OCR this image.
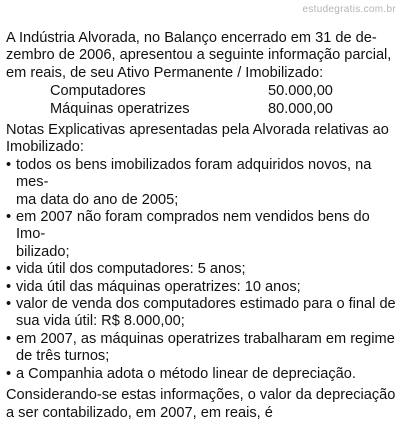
estudegratis.com.br

A Indústria Alvorada, no Balanço encerrado em 31 de de-
zembro de 2006, apresentou a seguinte informação parcial,
em reais, de seu Ativo Permanente / Imobilizado:

Computadores	50.000,00
Máquinas operatrizes	80.000,00

Notas Explicativas apresentadas pela Alvorada relativas ao
Imobilizado:

• todos os bens imobilizados foram adquiridos novos, na mes-
ma data do ano de 2005;
• em 2007 não foram comprados nem vendidos bens do Imo-
bilizado;
• vida útil dos computadores: 5 anos;
• vida útil das máquinas operatrizes: 10 anos;
• valor de venda dos computadores estimado para o final de
sua vida útil: R$ 8.000,00;
• em 2007, as máquinas operatrizes trabalharam em regime
de três turnos;
• a Companhia adota o método linear de depreciação.

Considerando-se estas informações, o valor da depreciação
a ser contabilizado, em 2007, em reais, é
